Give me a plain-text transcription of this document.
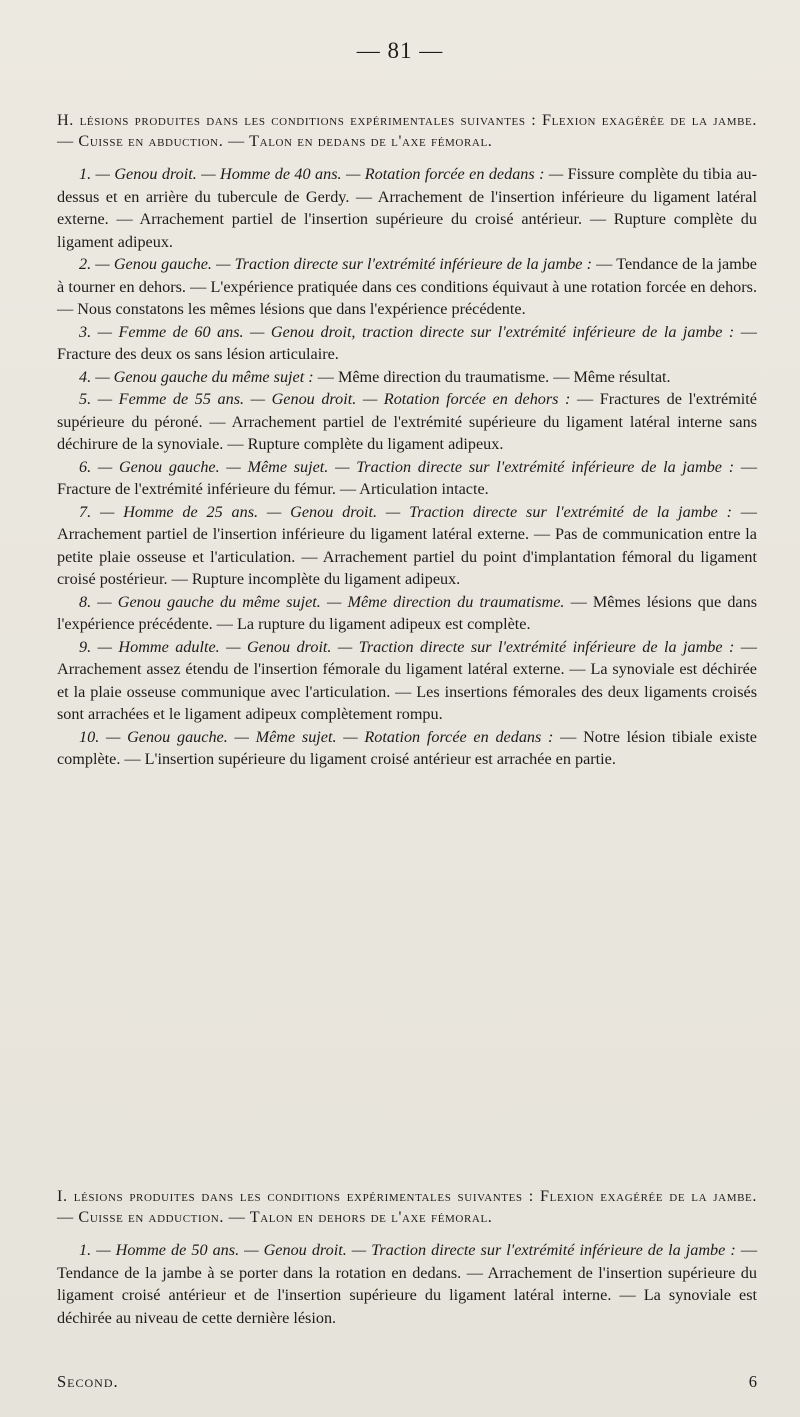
— 81 —

H. lésions produites dans les conditions expérimentales suivantes : Flexion exagérée de la jambe. — Cuisse en abduction. — Talon en dedans de l'axe fémoral.

1. — Genou droit. — Homme de 40 ans. — Rotation forcée en dedans : — Fissure complète du tibia au-dessus et en arrière du tubercule de Gerdy. — Arrachement de l'insertion inférieure du ligament latéral externe. — Arrachement partiel de l'insertion supérieure du croisé antérieur. — Rupture complète du ligament adipeux.

2. — Genou gauche. — Traction directe sur l'extrémité inférieure de la jambe : — Tendance de la jambe à tourner en dehors. — L'expérience pratiquée dans ces conditions équivaut à une rotation forcée en dehors. — Nous constatons les mêmes lésions que dans l'expérience précédente.

3. — Femme de 60 ans. — Genou droit, traction directe sur l'extrémité inférieure de la jambe : — Fracture des deux os sans lésion articulaire.

4. — Genou gauche du même sujet : — Même direction du traumatisme. — Même résultat.

5. — Femme de 55 ans. — Genou droit. — Rotation forcée en dehors : — Fractures de l'extrémité supérieure du péroné. — Arrachement partiel de l'extrémité supérieure du ligament latéral interne sans déchirure de la synoviale. — Rupture complète du ligament adipeux.

6. — Genou gauche. — Même sujet. — Traction directe sur l'extrémité inférieure de la jambe : — Fracture de l'extrémité inférieure du fémur. — Articulation intacte.

7. — Homme de 25 ans. — Genou droit. — Traction directe sur l'extrémité de la jambe : — Arrachement partiel de l'insertion inférieure du ligament latéral externe. — Pas de communication entre la petite plaie osseuse et l'articulation. — Arrachement partiel du point d'implantation fémoral du ligament croisé postérieur. — Rupture incomplète du ligament adipeux.

8. — Genou gauche du même sujet. — Même direction du traumatisme. — Mêmes lésions que dans l'expérience précédente. — La rupture du ligament adipeux est complète.

9. — Homme adulte. — Genou droit. — Traction directe sur l'extrémité inférieure de la jambe : — Arrachement assez étendu de l'insertion fémorale du ligament latéral externe. — La synoviale est déchirée et la plaie osseuse communique avec l'articulation. — Les insertions fémorales des deux ligaments croisés sont arrachées et le ligament adipeux complètement rompu.

10. — Genou gauche. — Même sujet. — Rotation forcée en dedans : — Notre lésion tibiale existe complète. — L'insertion supérieure du ligament croisé antérieur est arrachée en partie.

I. lésions produites dans les conditions expérimentales suivantes : Flexion exagérée de la jambe. — Cuisse en adduction. — Talon en dehors de l'axe fémoral.

1. — Homme de 50 ans. — Genou droit. — Traction directe sur l'extrémité inférieure de la jambe : — Tendance de la jambe à se porter dans la rotation en dedans. — Arrachement de l'insertion supérieure du ligament croisé antérieur et de l'insertion supérieure du ligament latéral interne. — La synoviale est déchirée au niveau de cette dernière lésion.

Second.	6
